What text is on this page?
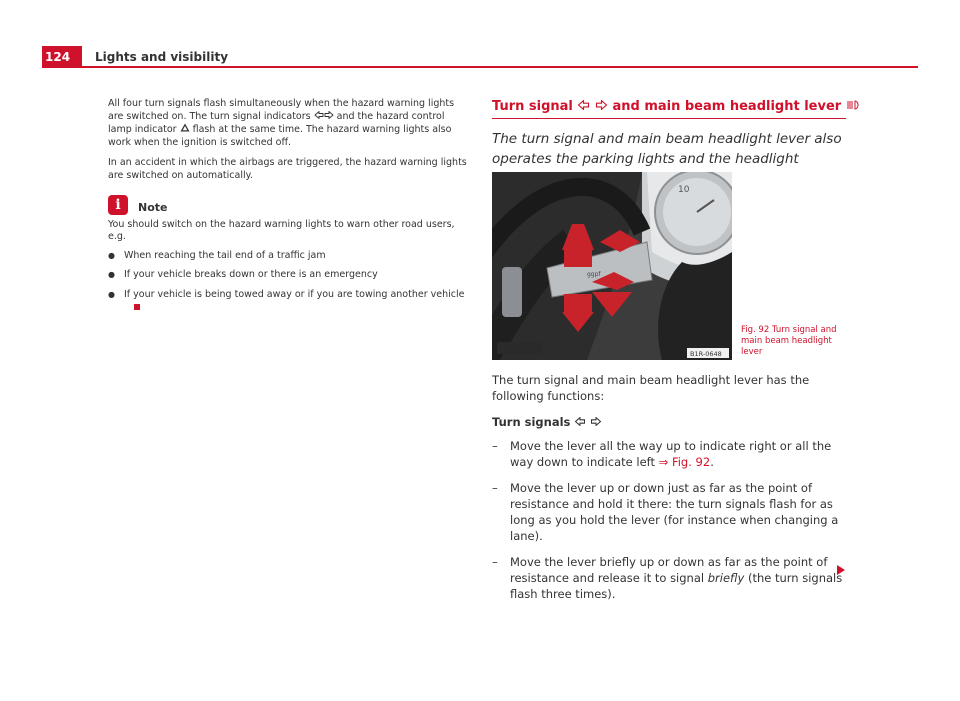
124	Lights and visibility

All four turn signals flash simultaneously when the hazard warning lights are switched on. The turn signal indicators  and the hazard control lamp indicator  flash at the same time. The hazard warning lights also work when the ignition is switched off.

In an accident in which the airbags are triggered, the hazard warning lights are switched on automatically.

i	Note

You should switch on the hazard warning lights to warn other road users, e.g.

● When reaching the tail end of a traffic jam
● If your vehicle breaks down or there is an emergency
● If your vehicle is being towed away or if you are towing another vehicle
Turn signal   and main beam headlight lever
The turn signal and main beam headlight lever also operates the parking lights and the headlight
10
ggpf
B1R-0648
Fig. 92 Turn signal and main beam headlight lever

The turn signal and main beam headlight lever has the following functions:

Turn signals
– Move the lever all the way up to indicate right or all the way down to indicate left ⇒ Fig. 92.
– Move the lever up or down just as far as the point of resistance and hold it there: the turn signals flash for as long as you hold the lever (for instance when changing a lane).
– Move the lever briefly up or down as far as the point of resistance and release it to signal briefly (the turn signals flash three times).
